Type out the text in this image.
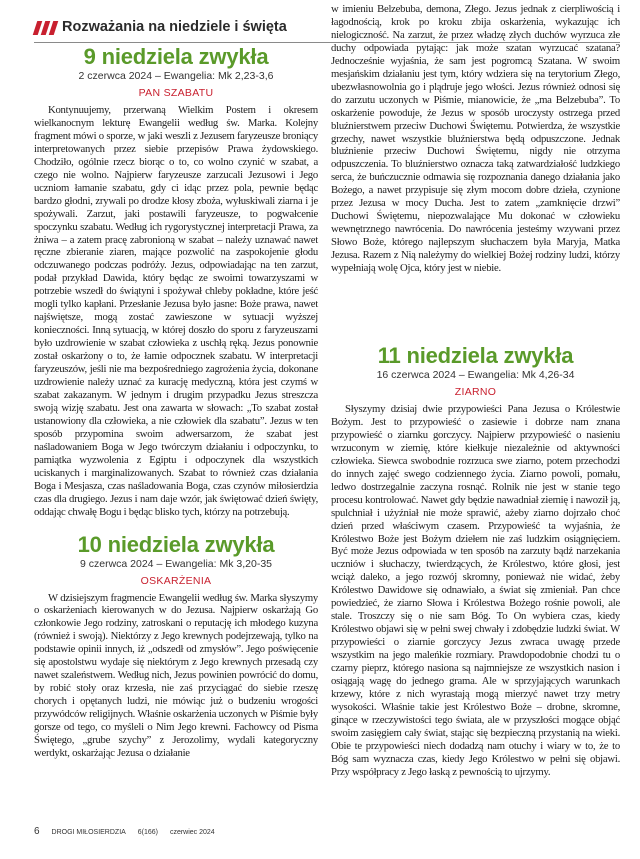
Rozważania na niedziele i święta
9 niedziela zwykła
2 czerwca 2024 – Ewangelia: Mk 2,23-3,6
PAN SZABATU

Kontynuujemy, przerwaną Wielkim Postem i okresem wielkanocnym lekturę Ewangelii według św. Marka. Kolejny fragment mówi o sporze, w jaki weszli z Jezusem faryzeusze broniący interpretowanych przez siebie przepisów Prawa żydowskiego. Chodziło, ogólnie rzecz biorąc o to, co wolno czynić w szabat, a czego nie wolno. Najpierw faryzeusze zarzucali Jezusowi i Jego uczniom łamanie szabatu, gdy ci idąc przez pola, pewnie będąc bardzo głodni, zrywali po drodze kłosy zboża, wyłuskiwali ziarna i je spożywali. Zarzut, jaki postawili faryzeusze, to pogwałcenie spoczynku szabatu. Według ich rygorystycznej interpretacji Prawa, za żniwa – a zatem pracę zabronioną w szabat – należy uznawać nawet ręczne zbieranie ziaren, mające pozwolić na zaspokojenie głodu odczuwanego podczas podróży. Jezus, odpowiadając na ten zarzut, podał przykład Dawida, który będąc ze swoimi towarzyszami w potrzebie wszedł do świątyni i spożywał chleby pokładne, które jeść mogli tylko kapłani. Przesłanie Jezusa było jasne: Boże prawa, nawet najświętsze, mogą zostać zawieszone w sytuacji wyższej konieczności. Inną sytuacją, w której doszło do sporu z faryzeuszami było uzdrowienie w szabat człowieka z uschłą ręką. Jezus ponownie został oskarżony o to, że łamie odpocznek szabatu. W interpretacji faryzeuszów, jeśli nie ma bezpośredniego zagrożenia życia, dokonane uzdrowienie należy uznać za kurację medyczną, która jest czymś w szabat zakazanym. W jednym i drugim przypadku Jezus streszcza swoją wizję szabatu. Jest ona zawarta w słowach: „To szabat został ustanowiony dla człowieka, a nie człowiek dla szabatu”. Jezus w ten sposób przypomina swoim adwersarzom, że szabat jest naśladowaniem Boga w Jego twórczym działaniu i odpoczynku, to pamiątka wyzwolenia z Egiptu i odpoczynek dla wszystkich uciskanych i marginalizowanych. Szabat to również czas działania Boga i Mesjasza, czas naśladowania Boga, czas czynów miłosierdzia czas dla drugiego. Jezus i nam daje wzór, jak świętować dzień święty, oddając chwałę Bogu i będąc blisko tych, którzy na potrzebują.

10 niedziela zwykła
9 czerwca 2024 – Ewangelia: Mk 3,20-35
OSKARŻENIA

W dzisiejszym fragmencie Ewangelii według św. Marka słyszymy o oskarżeniach kierowanych w do Jezusa. Najpierw oskarżają Go członkowie Jego rodziny, zatroskani o reputację ich młodego kuzyna (również i swoją). Niektórzy z Jego krewnych podejrzewają, tylko na podstawie opinii innych, iż „odszedł od zmysłów”. Jego poświęcenie się apostolstwu wydaje się niektórym z Jego krewnych przesadą czy nawet szaleństwem. Według nich, Jezus powinien powrócić do domu, by robić stoły oraz krzesła, nie zaś przyciągać do siebie rzeszę chorych i opętanych ludzi, nie mówiąc już o budzeniu wrogości przywódców religijnych. Właśnie oskarżenia uczonych w Piśmie były gorsze od tego, co myśleli o Nim Jego krewni. Fachowcy od Pisma Świętego, „grube szychy” z Jerozolimy, wydali kategoryczny werdykt, oskarżając Jezusa o działanie

w imieniu Belzebuba, demona, Złego. Jezus jednak z cierpliwością i łagodnością, krok po kroku zbija oskarżenia, wykazując ich nielogiczność. Na zarzut, że przez władzę złych duchów wyrzuca złe duchy odpowiada pytając: jak może szatan wyrzucać szatana? Jednocześnie wyjaśnia, że sam jest pogromcą Szatana. W swoim mesjańskim działaniu jest tym, który wdziera się na terytorium Złego, ubezwłasnowolnia go i plądruje jego włości. Jezus również odnosi się do zarzutu uczonych w Piśmie, mianowicie, że „ma Belzebuba”. To oskarżenie powoduje, że Jezus w sposób uroczysty ostrzega przed bluźnierstwem przeciw Duchowi Świętemu. Potwierdza, że wszystkie grzechy, nawet wszystkie bluźnierstwa będą odpuszczone. Jednak bluźnienie przeciw Duchowi Świętemu, nigdy nie otrzyma odpuszczenia. To bluźnierstwo oznacza taką zatwardziałość ludzkiego serca, że buńczucznie odmawia się rozpoznania danego działania jako Bożego, a nawet przypisuje się złym mocom dobre dzieła, czynione przez Jezusa w mocy Ducha. Jest to zatem „zamknięcie drzwi” Duchowi Świętemu, niepozwalające Mu dokonać w człowieku wewnętrznego nawrócenia. Do nawrócenia jesteśmy wzywani przez Słowo Boże, którego najlepszym słuchaczem była Maryja, Matka Jezusa. Razem z Nią należymy do wielkiej Bożej rodziny ludzi, którzy wypełniają wolę Ojca, który jest w niebie.

11 niedziela zwykła
16 czerwca 2024 – Ewangelia: Mk 4,26-34
ZIARNO

Słyszymy dzisiaj dwie przypowieści Pana Jezusa o Królestwie Bożym. Jest to przypowieść o zasiewie i dobrze nam znana przypowieść o ziarnku gorczycy. Najpierw przypowieść o nasieniu wrzuconym w ziemię, które kiełkuje niezależnie od aktywności człowieka. Siewca swobodnie rozrzuca swe ziarno, potem przechodzi do innych zajęć swego codziennego życia. Ziarno powoli, pomału, ledwo dostrzegalnie zaczyna rosnąć. Rolnik nie jest w stanie tego procesu kontrolować. Nawet gdy będzie nawadniał ziemię i nawoził ją, spulchniał i użyźniał nie może sprawić, ażeby ziarno dojrzało choć dzień przed właściwym czasem. Przypowieść ta wyjaśnia, że Królestwo Boże jest Bożym dziełem nie zaś ludzkim osiągnięciem. Być może Jezus odpowiada w ten sposób na zarzuty bądź narzekania uczniów i słuchaczy, twierdzących, że Królestwo, które głosi, jest wciąż daleko, a jego rozwój skromny, ponieważ nie widać, żeby Królestwo Dawidowe się odnawiało, a świat się zmieniał. Pan chce powiedzieć, że ziarno Słowa i Królestwa Bożego rośnie powoli, ale stale. Troszczy się o nie sam Bóg. To On wybiera czas, kiedy Królestwo objawi się w pełni swej chwały i zdobędzie ludzki świat. W przypowieści o ziarnie gorczycy Jezus zwraca uwagę przede wszystkim na jego maleńkie rozmiary. Prawdopodobnie chodzi tu o czarny pieprz, którego nasiona są najmniejsze ze wszystkich nasion i osiągają wagę do jednego grama. Ale w sprzyjających warunkach krzewy, które z nich wyrastają mogą mierzyć nawet trzy metry wysokości. Właśnie takie jest Królestwo Boże – drobne, skromne, ginące w rzeczywistości tego świata, ale w przyszłości mogące objąć swoim zasięgiem cały świat, stając się bezpieczną przystanią na wieki. Obie te przypowieści niech dodadzą nam otuchy i wiary w to, że to Bóg sam wyznacza czas, kiedy Jego Królestwo w pełni się objawi. Przy współpracy z Jego łaską z pewnością to ujrzymy.

6 DROGI MIŁOSIERDZIA 6(166) czerwiec 2024
